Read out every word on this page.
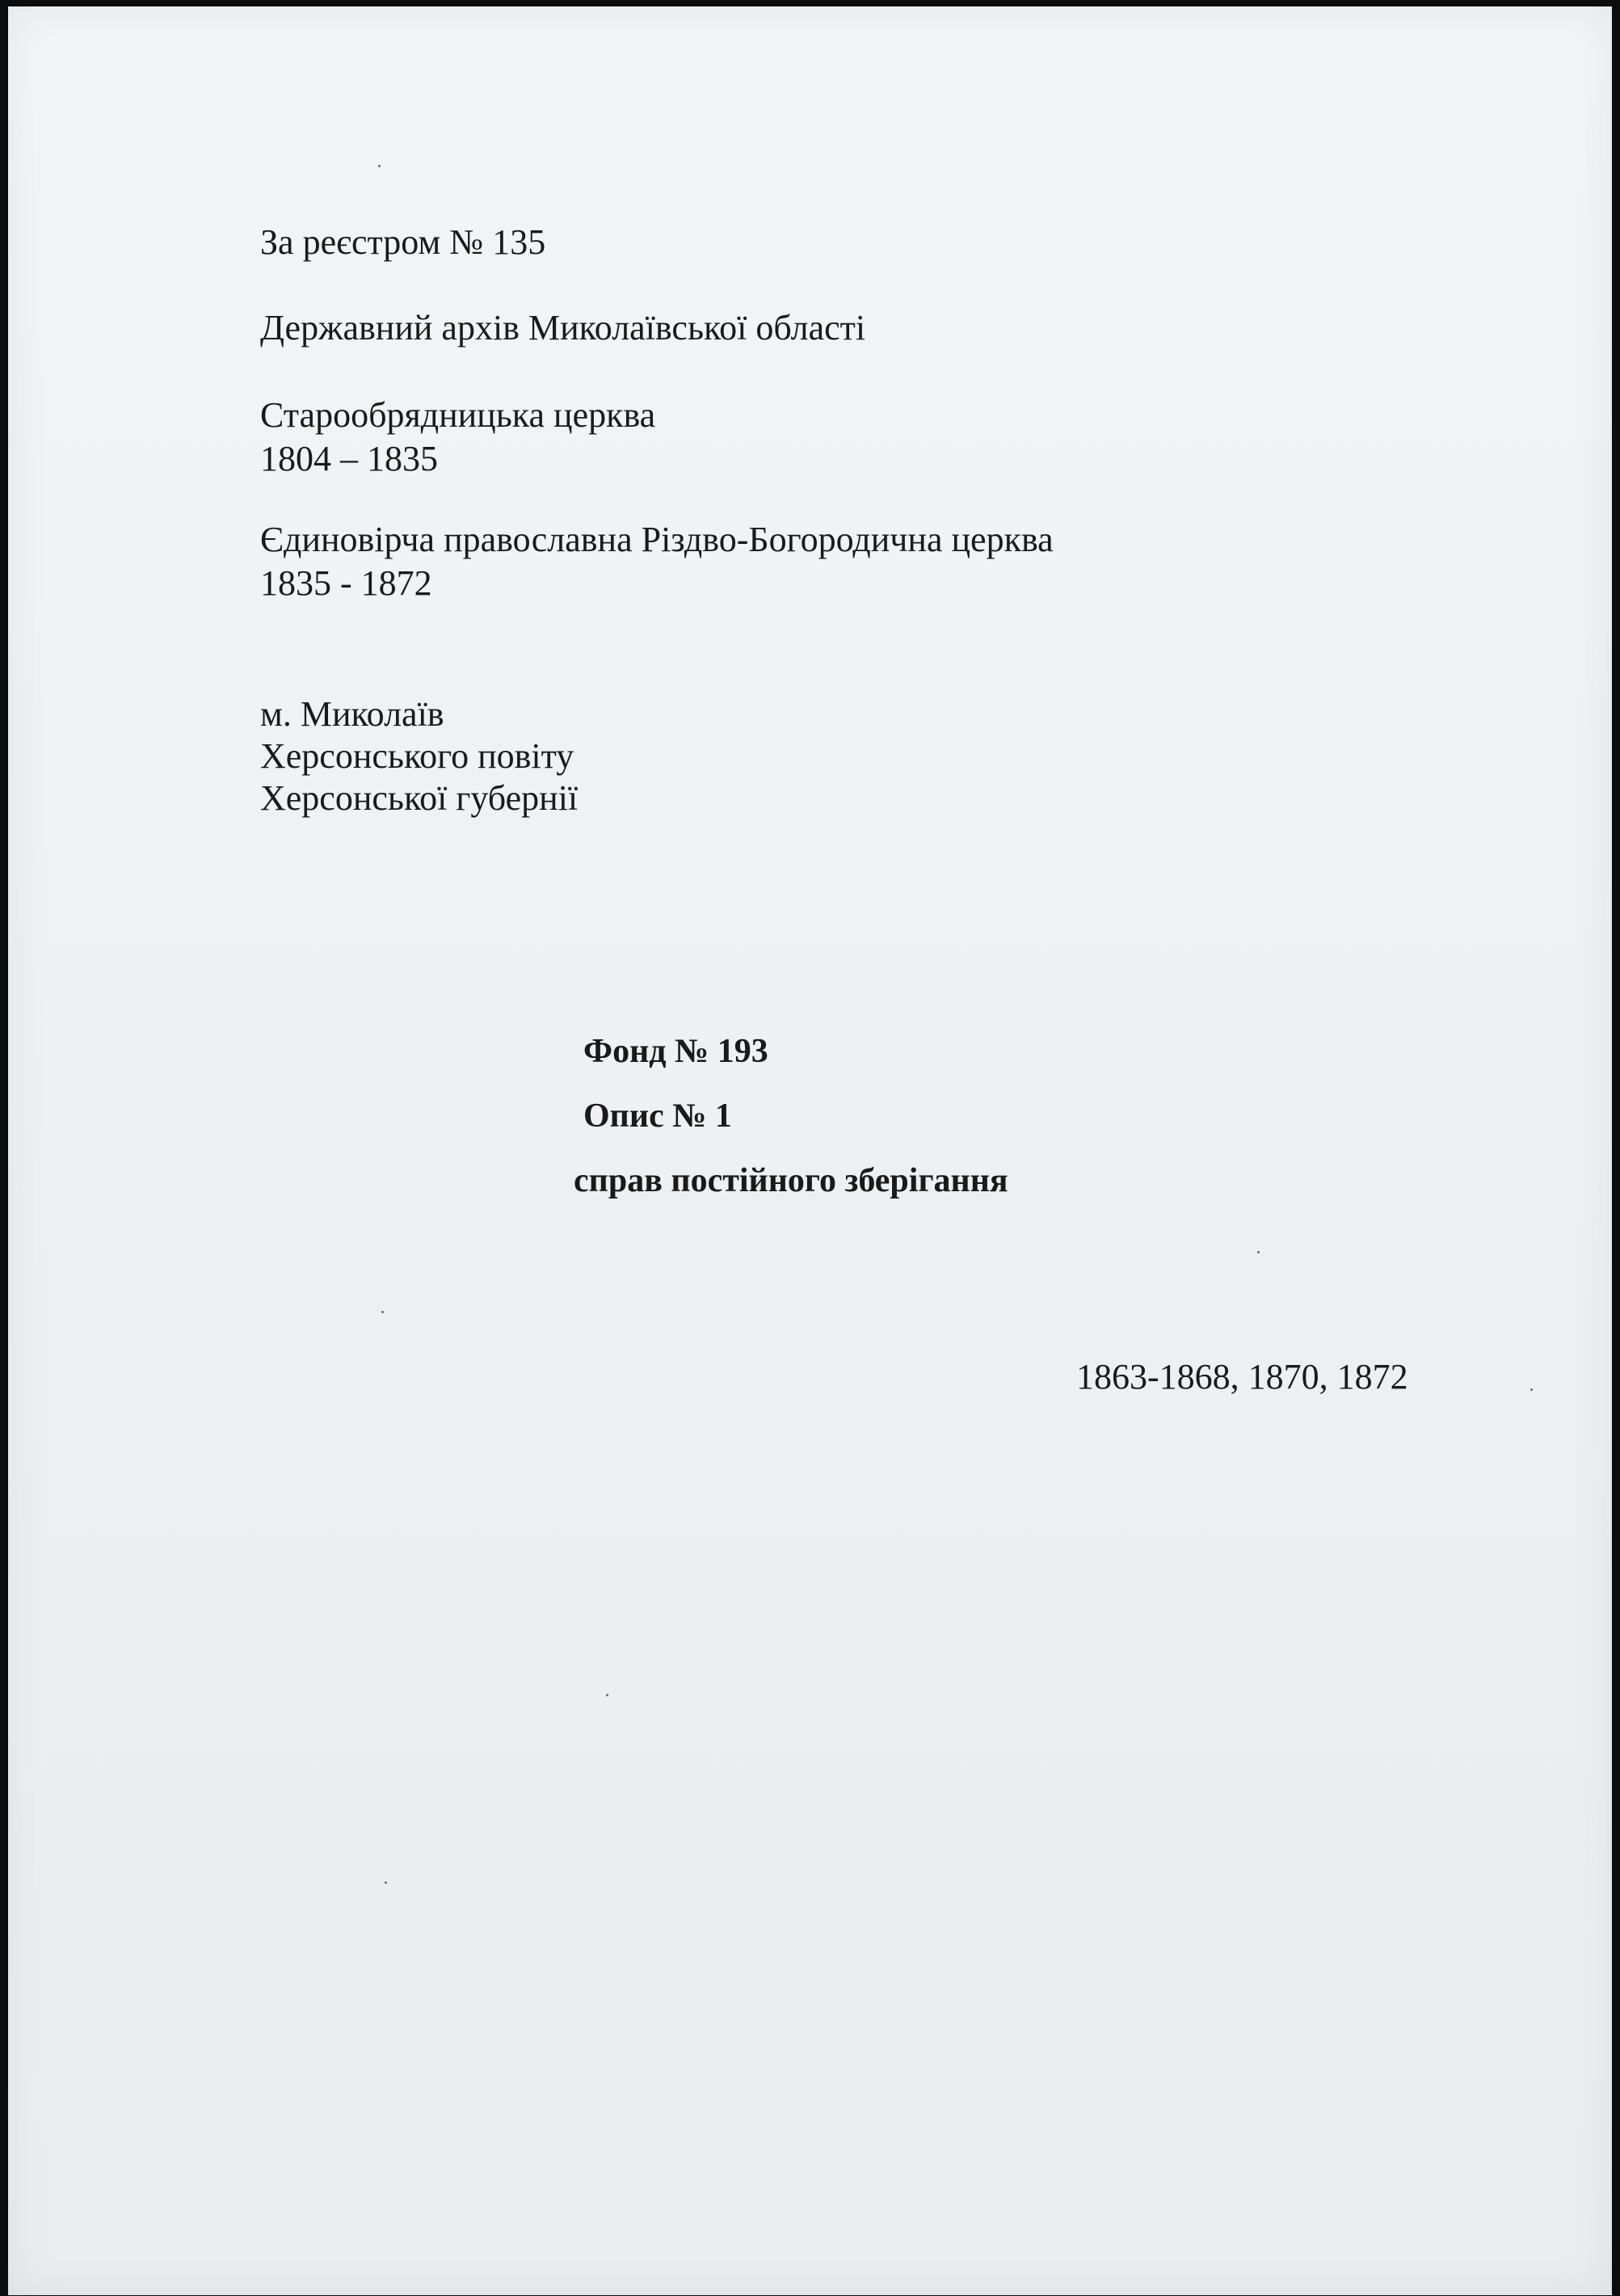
За реєстром № 135
Державний архів Миколаївської області
Старообрядницька церква
1804 – 1835
Єдиновірча православна Різдво-Богородична церква
1835 - 1872
м. Миколаїв
Херсонського повіту
Херсонської губернії
Фонд № 193
Опис № 1
справ постійного зберігання
1863-1868, 1870, 1872
